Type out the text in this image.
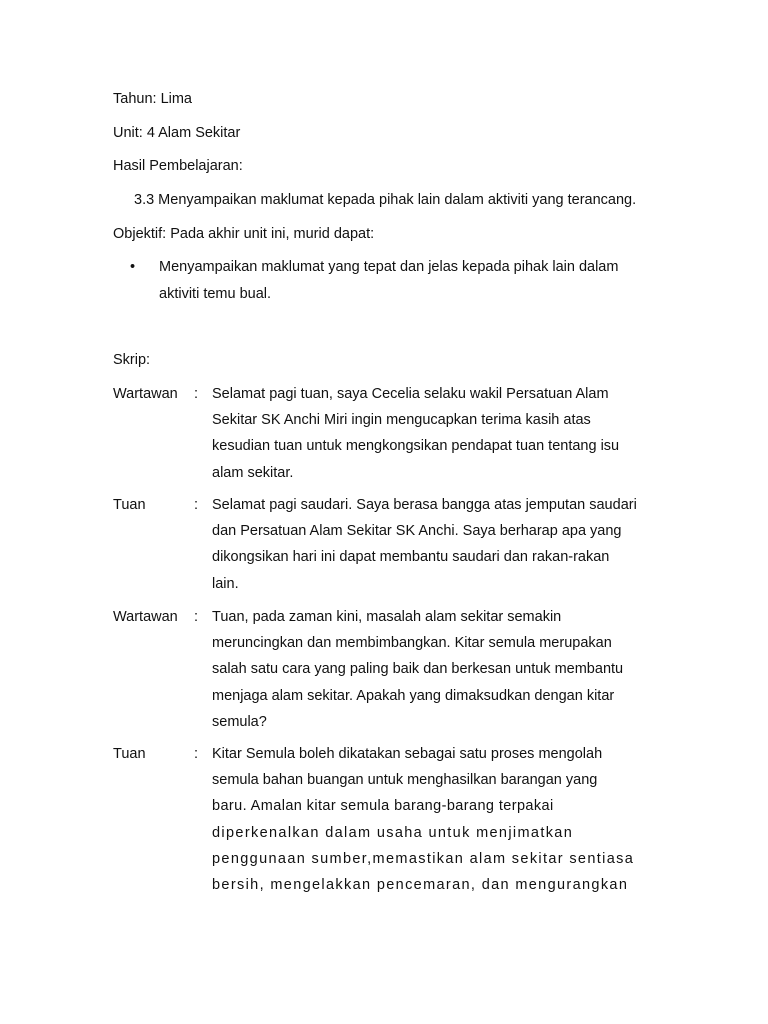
Tahun: Lima
Unit: 4 Alam Sekitar
Hasil Pembelajaran:
3.3 Menyampaikan maklumat kepada pihak lain dalam aktiviti yang terancang.
Objektif: Pada akhir unit ini, murid dapat:
• Menyampaikan maklumat yang tepat dan jelas kepada pihak lain dalam
aktiviti temu bual.
Skrip:
Wartawan : Selamat pagi tuan, saya Cecelia selaku wakil Persatuan Alam
Sekitar SK Anchi Miri ingin mengucapkan terima kasih atas
kesudian tuan untuk mengkongsikan pendapat tuan tentang isu
alam sekitar.
Tuan	: Selamat pagi saudari. Saya berasa bangga atas jemputan saudari
dan Persatuan Alam Sekitar SK Anchi. Saya berharap apa yang
dikongsikan hari ini dapat membantu saudari dan rakan-rakan
lain.
Wartawan : Tuan, pada zaman kini, masalah alam sekitar semakin
meruncingkan dan membimbangkan. Kitar semula merupakan
salah satu cara yang paling baik dan berkesan untuk membantu
menjaga alam sekitar. Apakah yang dimaksudkan dengan kitar
semula?
Tuan	: Kitar Semula boleh dikatakan sebagai satu proses mengolah
semula bahan buangan untuk menghasilkan barangan yang
baru. Amalan kitar semula barang-barang terpakai
diperkenalkan dalam usaha untuk menjimatkan
penggunaan sumber,memastikan alam sekitar sentiasa
bersih, mengelakkan pencemaran, dan mengurangkan
